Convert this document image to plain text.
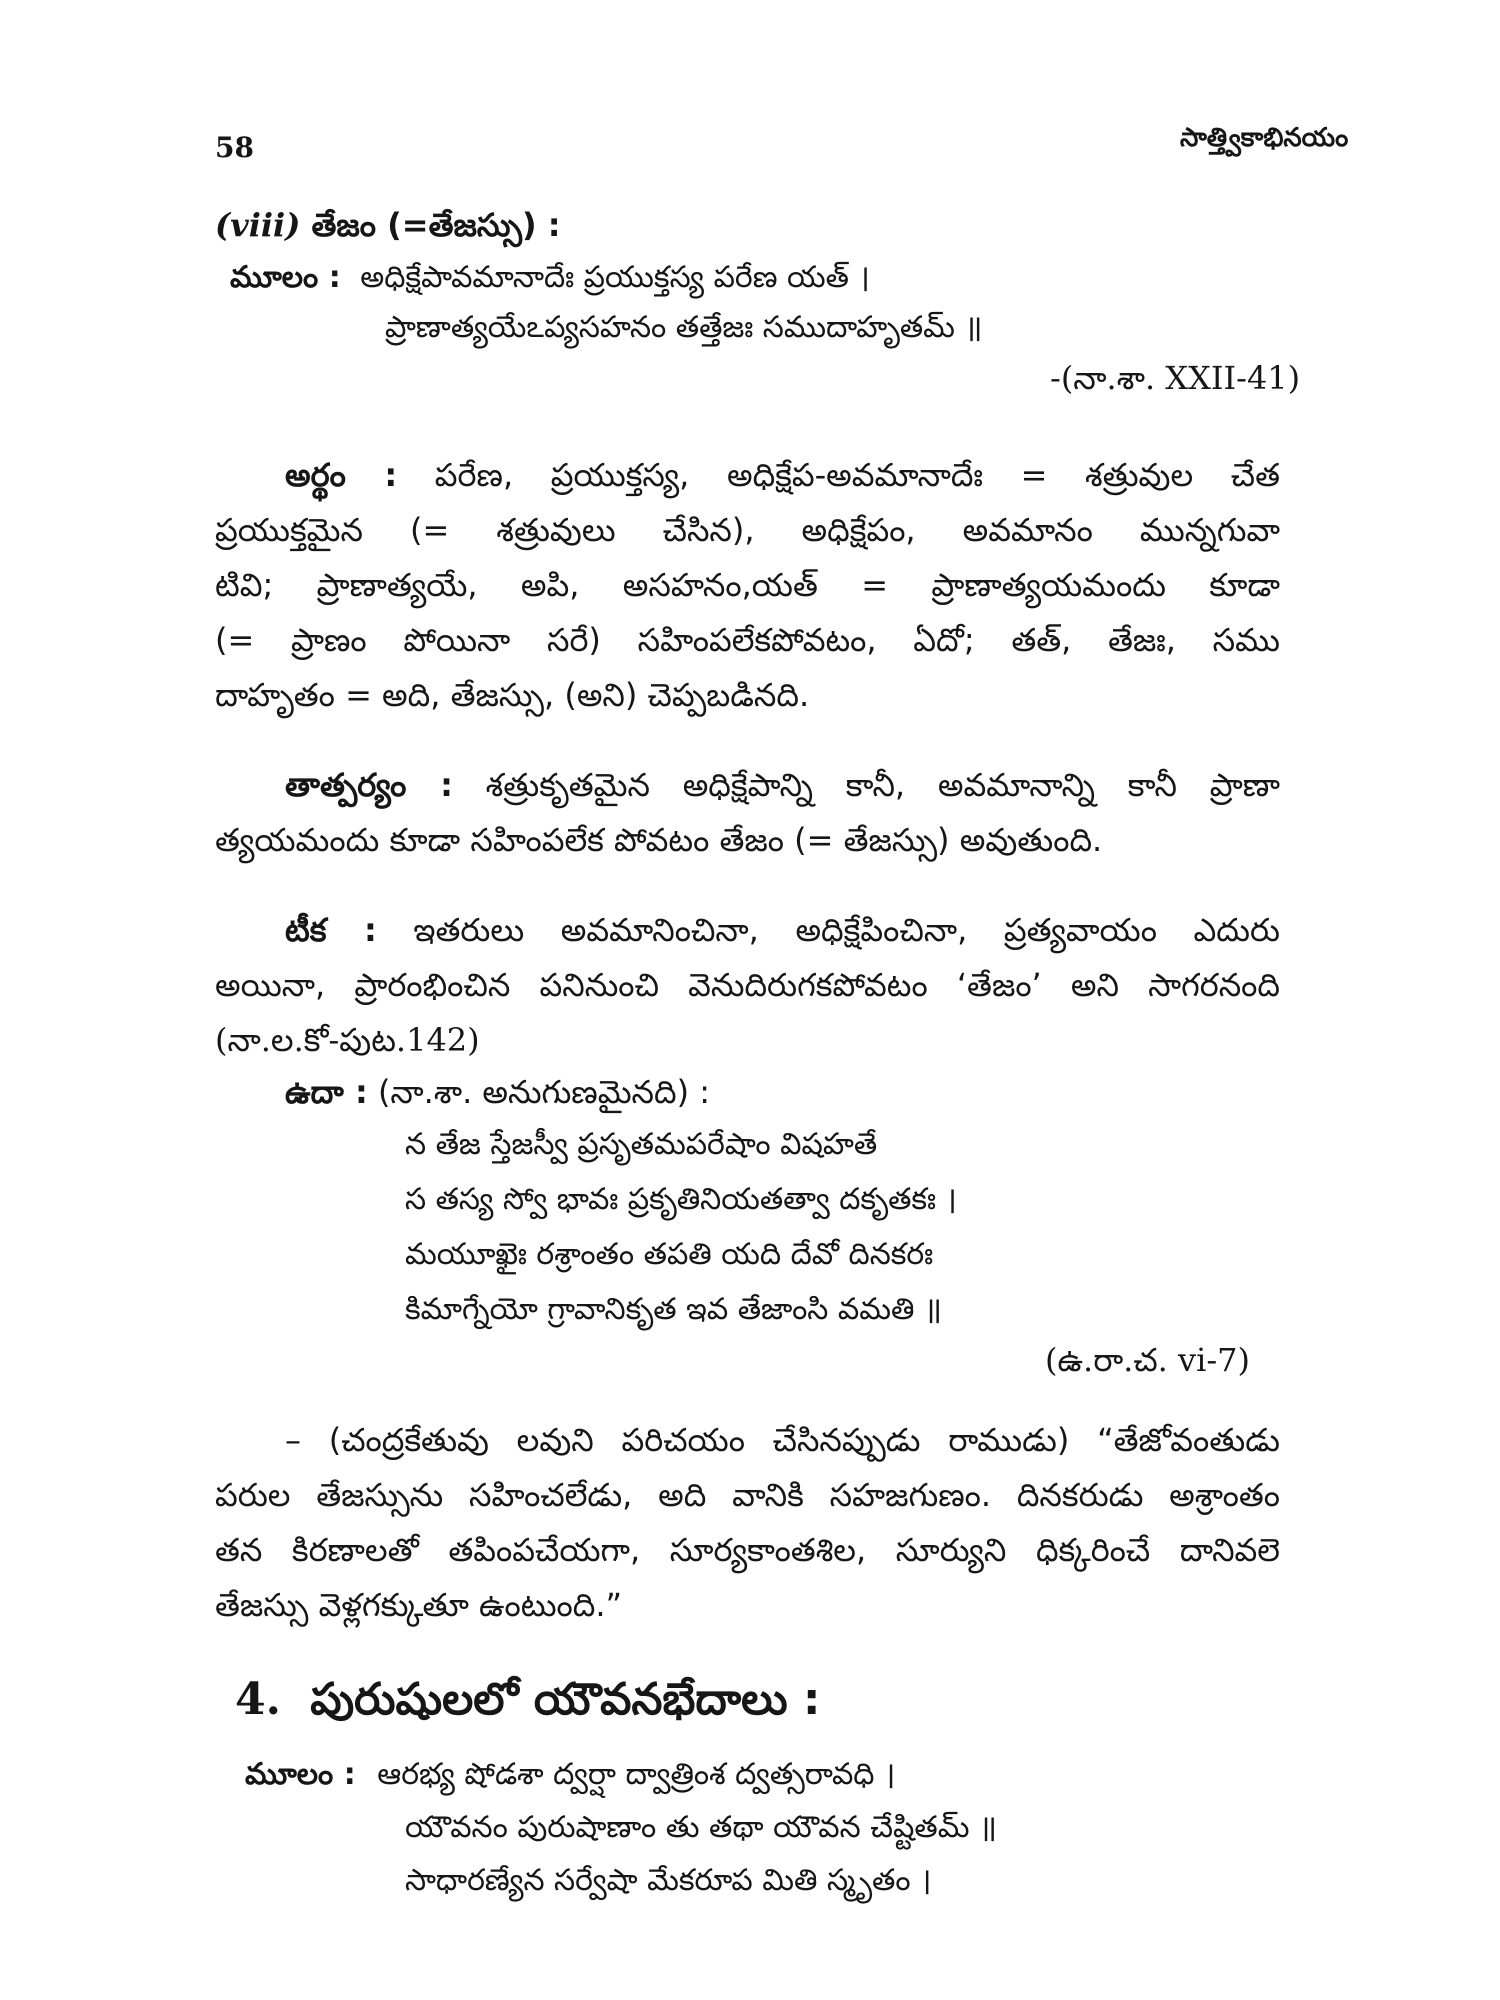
58	సాత్త్వికాభినయం
(viii) తేజం (=తేజస్సు) :
మూలం : అధిక్షేపావమానాదేః ప్రయుక్తస్య పరేణ యత్ ।
ప్రాణాత్యయేఽప్యసహనం తత్తేజః సముదాహృతమ్ ॥
-(నా.శా. XXII-41)
అర్థం : పరేణ, ప్రయుక్తస్య, అధిక్షేప-అవమానాదేః = శత్రువుల చేత
ప్రయుక్తమైన (= శత్రువులు చేసిన), అధిక్షేపం, అవమానం మున్నగువా
టివి; ప్రాణాత్యయే, అపి, అసహనం,యత్ = ప్రాణాత్యయమందు కూడా
(= ప్రాణం పోయినా సరే) సహింపలేకపోవటం, ఏదో; తత్, తేజః, సము
దాహృతం = అది, తేజస్సు, (అని) చెప్పబడినది.
తాత్పర్యం : శత్రుకృతమైన అధిక్షేపాన్ని కానీ, అవమానాన్ని కానీ ప్రాణా
త్యయమందు కూడా సహింపలేక పోవటం తేజం (= తేజస్సు) అవుతుంది.
టీక : ఇతరులు అవమానించినా, అధిక్షేపించినా, ప్రత్యవాయం ఎదురు
అయినా, ప్రారంభించిన పనినుంచి వెనుదిరుగకపోవటం ‘తేజం’ అని సాగరనంది
(నా.ల.కో-పుట.142)
ఉదా : (నా.శా. అనుగుణమైనది) :
న తేజ స్తేజస్వీ ప్రసృతమపరేషాం విషహతే
స తస్య స్వో భావః ప్రకృతినియతత్వా దకృతకః ।
మయూఖైః రశ్రాంతం తపతి యది దేవో దినకరః
కిమాగ్నేయో గ్రావానికృత ఇవ తేజాంసి వమతి ॥
(ఉ.రా.చ. vi-7)
– (చంద్రకేతువు లవుని పరిచయం చేసినప్పుడు రాముడు) “తేజోవంతుడు
పరుల తేజస్సును సహించలేడు, అది వానికి సహజగుణం. దినకరుడు అశ్రాంతం
తన కిరణాలతో తపింపచేయగా, సూర్యకాంతశిల, సూర్యుని ధిక్కరించే దానివలె
తేజస్సు వెళ్లగక్కుతూ ఉంటుంది.”
4. పురుషులలో యౌవనభేదాలు :
మూలం : ఆరభ్య షోడశా ద్వర్షా ద్వాత్రింశ ద్వత్సరావధి ।
యౌవనం పురుషాణాం తు తథా యౌవన చేష్టితమ్ ॥
సాధారణ్యేన సర్వేషా మేకరూప మితి స్మృతం ।
